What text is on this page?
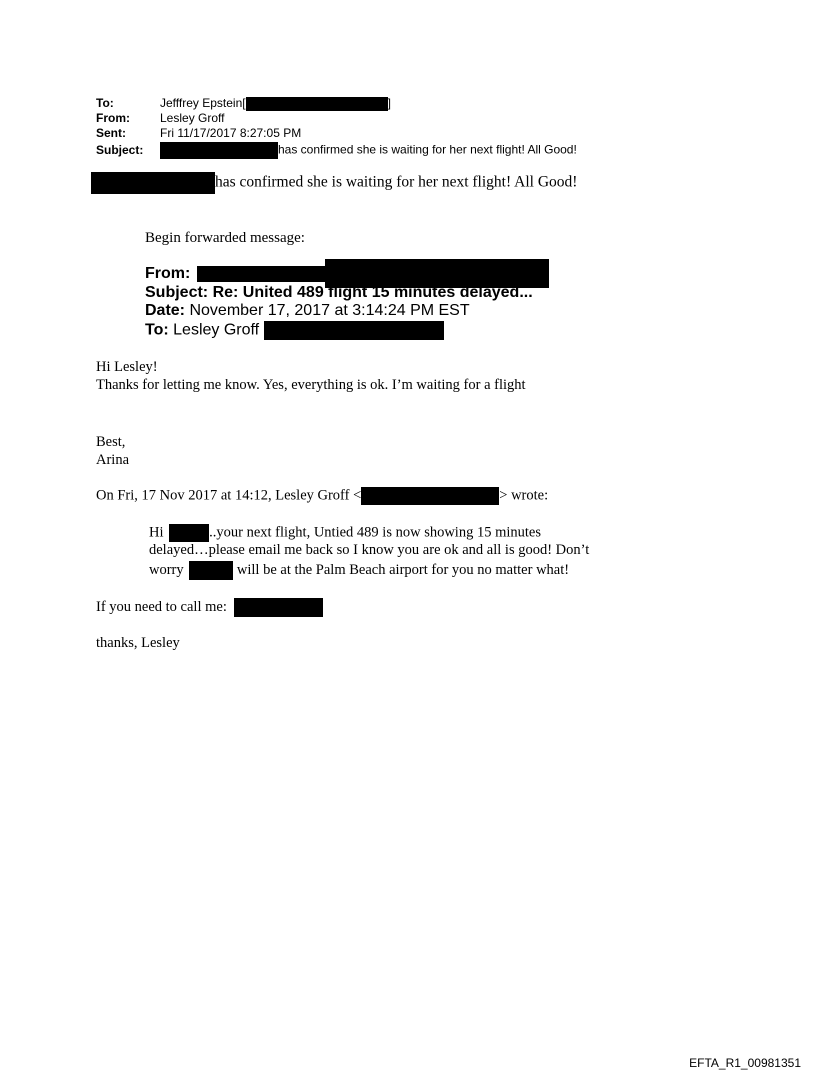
To:	Jefffrey Epstein[	]
From:	Lesley Groff
Sent:	Fri 11/17/2017 8:27:05 PM
Subject:	has confirmed she is waiting for her next flight! All Good!
has confirmed she is waiting for her next flight! All Good!
Begin forwarded message:
From:
Subject: Re: United 489 flight 15 minutes delayed...
Date: November 17, 2017 at 3:14:24 PM EST
To: Lesley Groff
Hi Lesley!
Thanks for letting me know. Yes, everything is ok. I’m waiting for a flight
Best,
Arina
On Fri, 17 Nov 2017 at 14:12, Lesley Groff <	> wrote:
Hi	..your next flight, Untied 489 is now showing 15 minutes
delayed…please email me back so I know you are ok and all is good! Don’t
worry	will be at the Palm Beach airport for you no matter what!
If you need to call me:
thanks, Lesley
EFTA_R1_00981351
